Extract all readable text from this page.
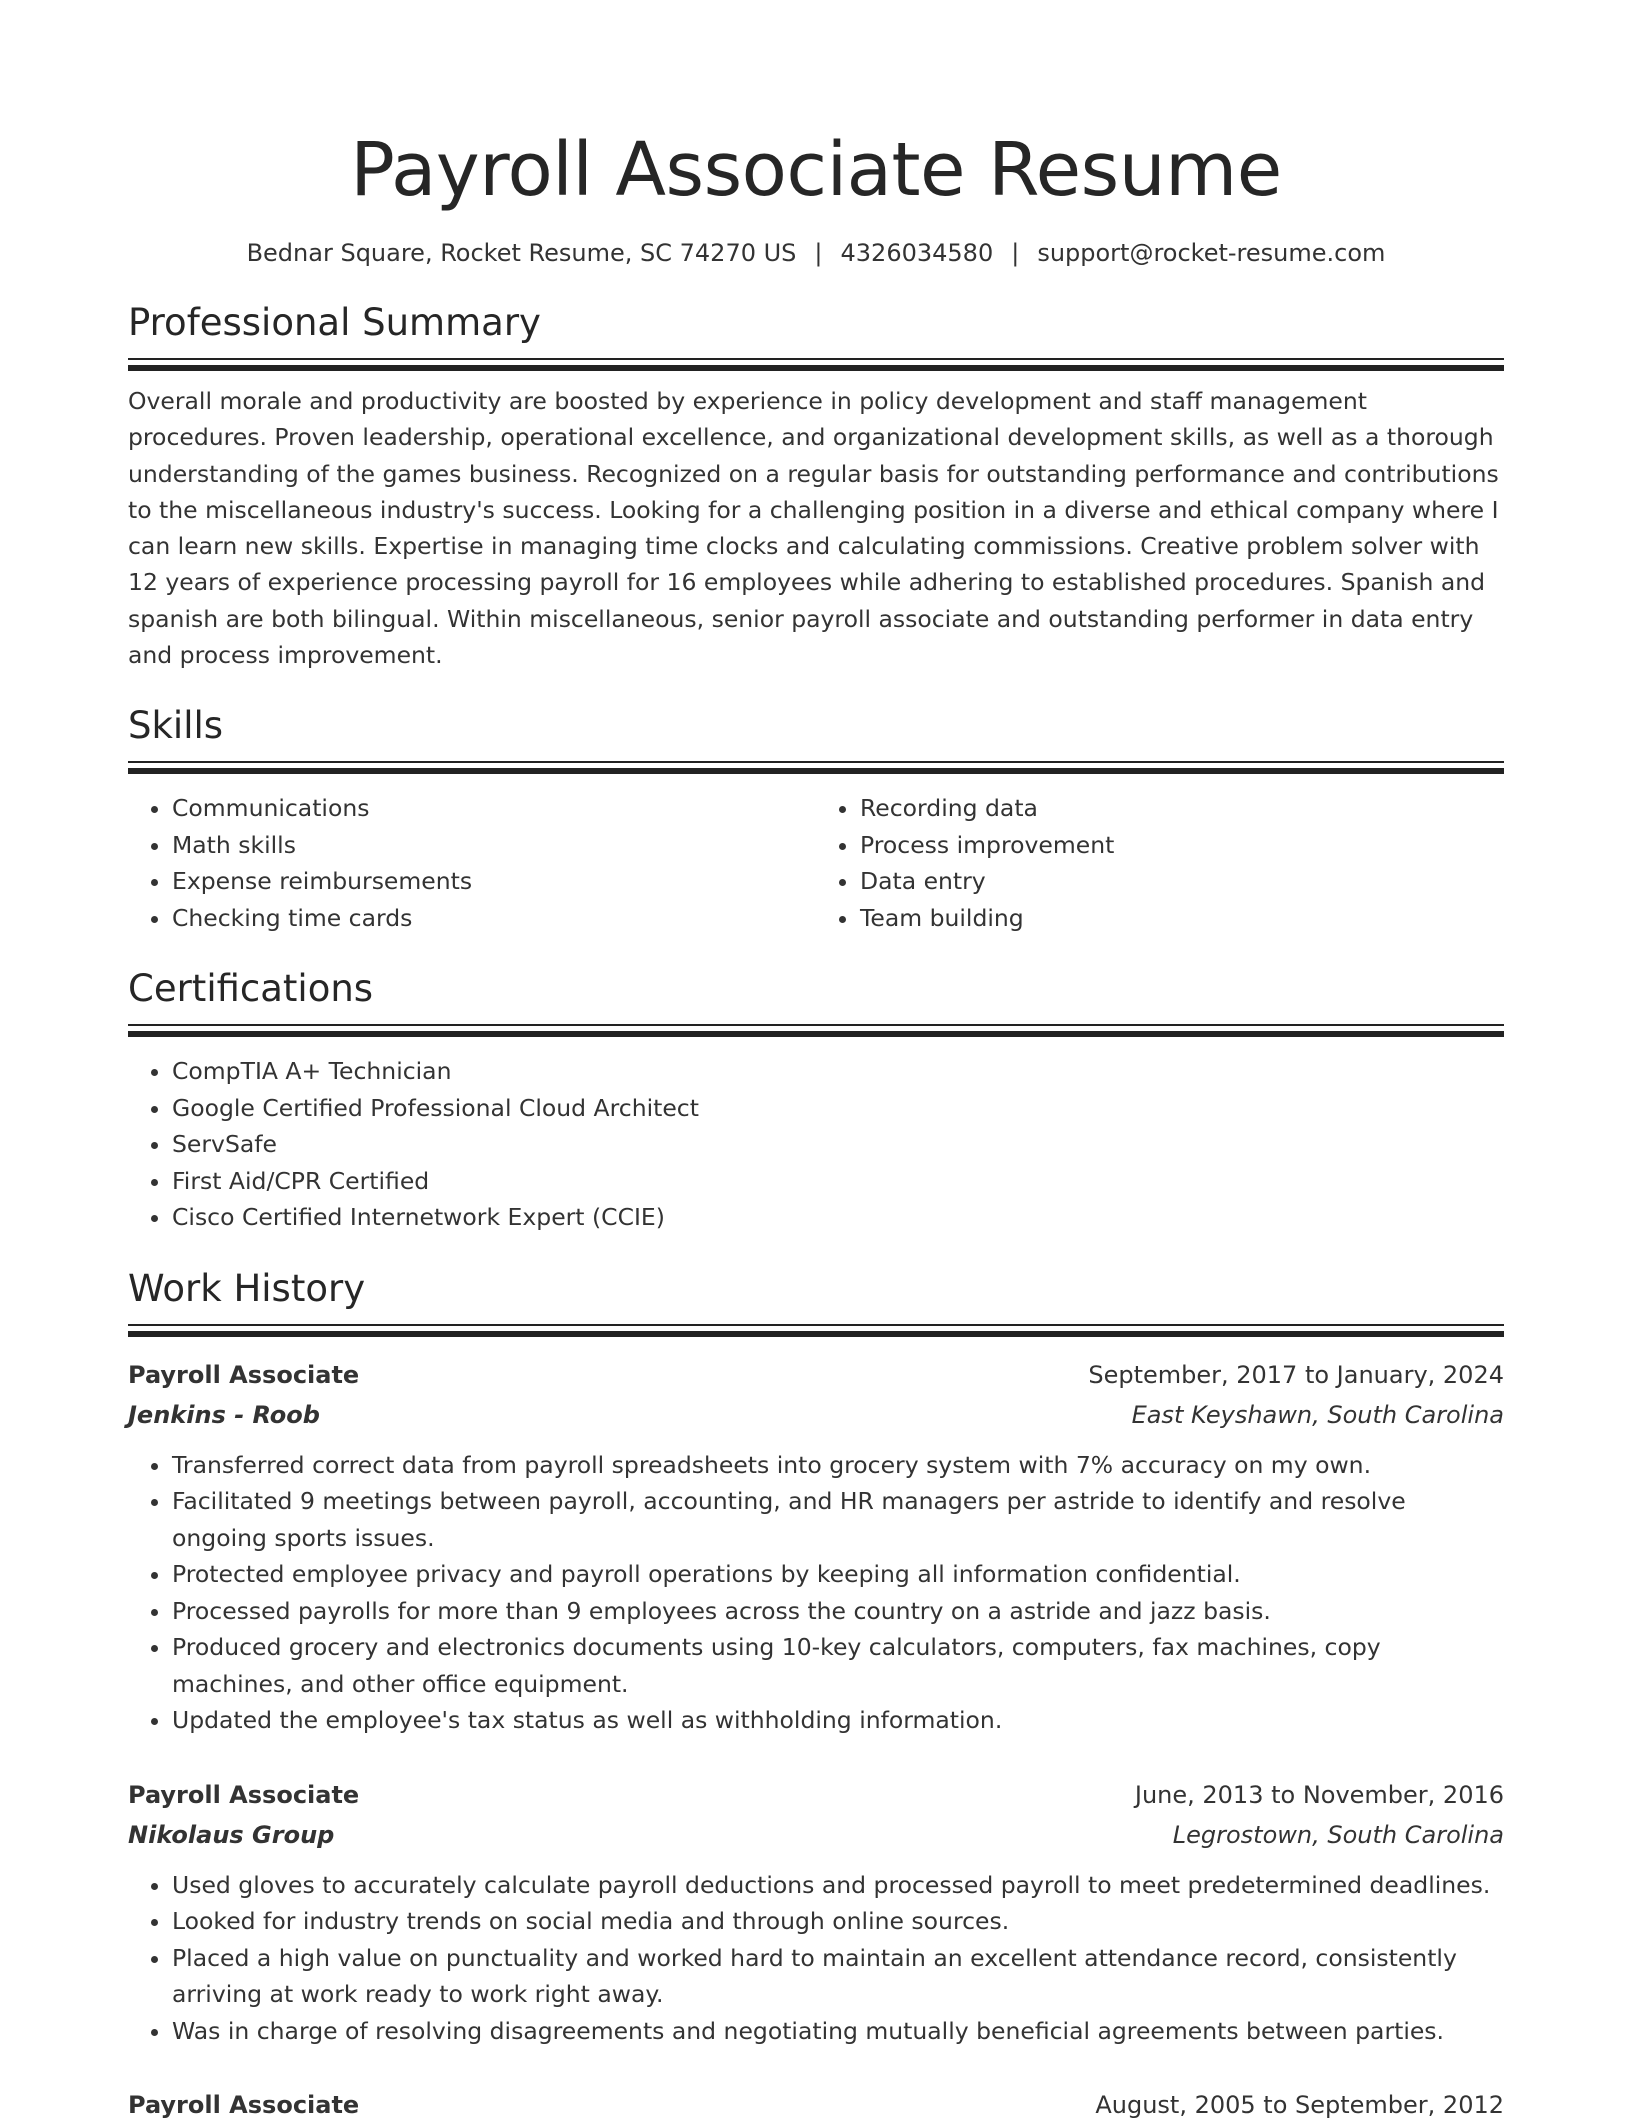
Payroll Associate Resume
Bednar Square, Rocket Resume, SC 74270 US | 4326034580 | support@rocket-resume.com
Professional Summary
Overall morale and productivity are boosted by experience in policy development and staff management procedures. Proven leadership, operational excellence, and organizational development skills, as well as a thorough understanding of the games business. Recognized on a regular basis for outstanding performance and contributions to the miscellaneous industry's success. Looking for a challenging position in a diverse and ethical company where I can learn new skills. Expertise in managing time clocks and calculating commissions. Creative problem solver with 12 years of experience processing payroll for 16 employees while adhering to established procedures. Spanish and spanish are both bilingual. Within miscellaneous, senior payroll associate and outstanding performer in data entry and process improvement.
Skills
• Communications
• Math skills
• Expense reimbursements
• Checking time cards
• Recording data
• Process improvement
• Data entry
• Team building
Certifications
• CompTIA A+ Technician
• Google Certified Professional Cloud Architect
• ServSafe
• First Aid/CPR Certified
• Cisco Certified Internetwork Expert (CCIE)
Work History
Payroll Associate	September, 2017 to January, 2024
Jenkins - Roob	East Keyshawn, South Carolina
• Transferred correct data from payroll spreadsheets into grocery system with 7% accuracy on my own.
• Facilitated 9 meetings between payroll, accounting, and HR managers per astride to identify and resolve ongoing sports issues.
• Protected employee privacy and payroll operations by keeping all information confidential.
• Processed payrolls for more than 9 employees across the country on a astride and jazz basis.
• Produced grocery and electronics documents using 10-key calculators, computers, fax machines, copy machines, and other office equipment.
• Updated the employee's tax status as well as withholding information.
Payroll Associate	June, 2013 to November, 2016
Nikolaus Group	Legrostown, South Carolina
• Used gloves to accurately calculate payroll deductions and processed payroll to meet predetermined deadlines.
• Looked for industry trends on social media and through online sources.
• Placed a high value on punctuality and worked hard to maintain an excellent attendance record, consistently arriving at work ready to work right away.
• Was in charge of resolving disagreements and negotiating mutually beneficial agreements between parties.
Payroll Associate	August, 2005 to September, 2012
